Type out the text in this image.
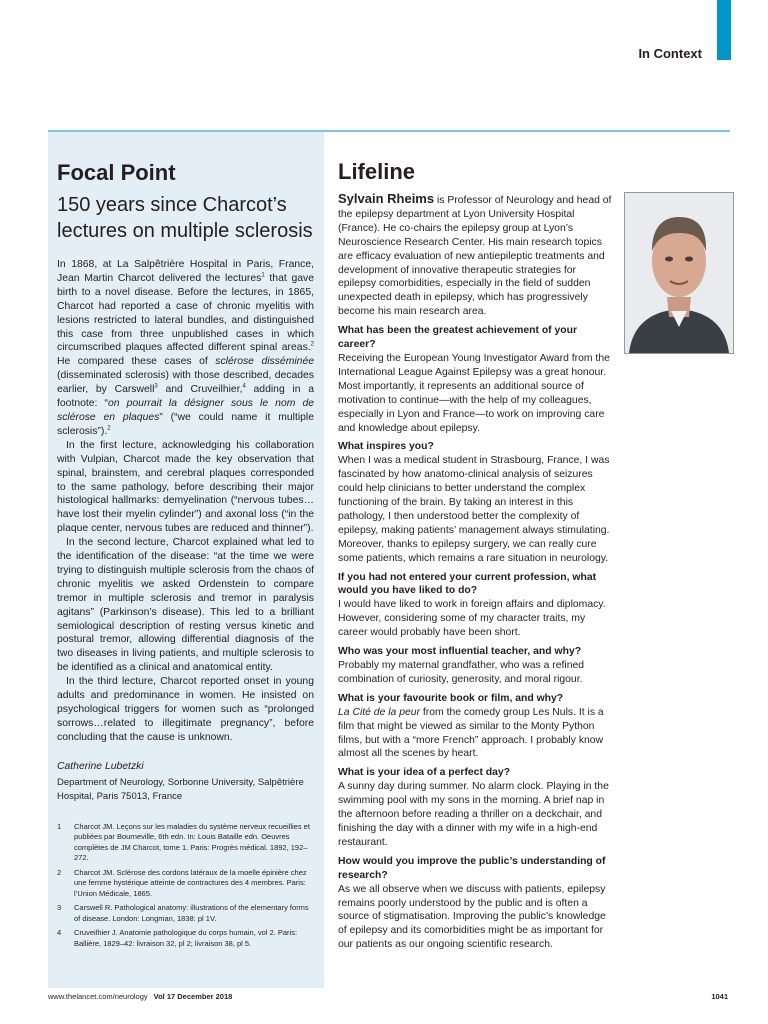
In Context
Focal Point
150 years since Charcot’s lectures on multiple sclerosis

In 1868, at La Salpêtrière Hospital in Paris, France, Jean Martin Charcot delivered the lectures$^1$ that gave birth to a novel disease. Before the lectures, in 1865, Charcot had reported a case of chronic myelitis with lesions restricted to lateral bundles, and distinguished this case from three unpublished cases in which circumscribed plaques affected different spinal areas.$^2$ He compared these cases of sclérose disséminée (disseminated sclerosis) with those described, decades earlier, by Carswell$^3$ and Cruveilhier,$^4$ adding in a footnote: “on pourrait la désigner sous le nom de sclérose en plaques” (“we could name it multiple sclerosis”).$^2$

In the first lecture, acknowledging his collaboration with Vulpian, Charcot made the key observation that spinal, brainstem, and cerebral plaques corresponded to the same pathology, before describing their major histological hallmarks: demyelination (“nervous tubes… have lost their myelin cylinder”) and axonal loss (“in the plaque center, nervous tubes are reduced and thinner”).

In the second lecture, Charcot explained what led to the identification of the disease: “at the time we were trying to distinguish multiple sclerosis from the chaos of chronic myelitis we asked Ordenstein to compare tremor in multiple sclerosis and tremor in paralysis agitans” (Parkinson’s disease). This led to a brilliant semiological description of resting versus kinetic and postural tremor, allowing differential diagnosis of the two diseases in living patients, and multiple sclerosis to be identified as a clinical and anatomical entity.

In the third lecture, Charcot reported onset in young adults and predominance in women. He insisted on psychological triggers for women such as “prolonged sorrows…related to illegitimate pregnancy”, before concluding that the cause is unknown.

Catherine Lubetzki
Department of Neurology, Sorbonne University, Salpêtrière Hospital, Paris 75013, France
1	Charcot JM. Leçons sur les maladies du système nerveux recueillies et publiées par Bourneville, 6th edn. In: Louis Bataille edn. Oeuvres complètes de JM Charcot, tome 1. Paris: Progrès médical. 1892, 192–272.
2	Charcot JM. Sclérose des cordons latéraux de la moelle épinière chez une femme hystérique atteinte de contractures des 4 membres. Paris: l’Union Médicale, 1865.
3	Carswell R. Pathological anatomy: illustrations of the elementary forms of disease. London: Longman, 1838: pl 1V.
4	Cruveilhier J. Anatomie pathologique du corps humain, vol 2. Paris: Ballière, 1829–42: livraison 32, pl 2; livraison 38, pl 5.
Lifeline
Sylvain Rheims is Professor of Neurology and head of the epilepsy department at Lyon University Hospital (France). He co-chairs the epilepsy group at Lyon’s Neuroscience Research Center. His main research topics are efficacy evaluation of new antiepileptic treatments and development of innovative therapeutic strategies for epilepsy comorbidities, especially in the field of sudden unexpected death in epilepsy, which has progressively become his main research area.
What has been the greatest achievement of your career?

Receiving the European Young Investigator Award from the International League Against Epilepsy was a great honour. Most importantly, it represents an additional source of motivation to continue—with the help of my colleagues, especially in Lyon and France—to work on improving care and knowledge about epilepsy.

What inspires you?

When I was a medical student in Strasbourg, France, I was fascinated by how anatomo-clinical analysis of seizures could help clinicians to better understand the complex functioning of the brain. By taking an interest in this pathology, I then understood better the complexity of epilepsy, making patients’ management always stimulating. Moreover, thanks to epilepsy surgery, we can really cure some patients, which remains a rare situation in neurology.

If you had not entered your current profession, what would you have liked to do?

I would have liked to work in foreign affairs and diplomacy. However, considering some of my character traits, my career would probably have been short.

Who was your most influential teacher, and why?

Probably my maternal grandfather, who was a refined combination of curiosity, generosity, and moral rigour.

What is your favourite book or film, and why?

La Cité de la peur from the comedy group Les Nuls. It is a film that might be viewed as similar to the Monty Python films, but with a “more French” approach. I probably know almost all the scenes by heart.

What is your idea of a perfect day?

A sunny day during summer. No alarm clock. Playing in the swimming pool with my sons in the morning. A brief nap in the afternoon before reading a thriller on a deckchair, and finishing the day with a dinner with my wife in a high-end restaurant.

How would you improve the public’s understanding of research?

As we all observe when we discuss with patients, epilepsy remains poorly understood by the public and is often a source of stigmatisation. Improving the public’s knowledge of epilepsy and its comorbidities might be as important for our patients as our ongoing scientific research.

www.thelancet.com/neurology Vol 17 December 2018	1041
